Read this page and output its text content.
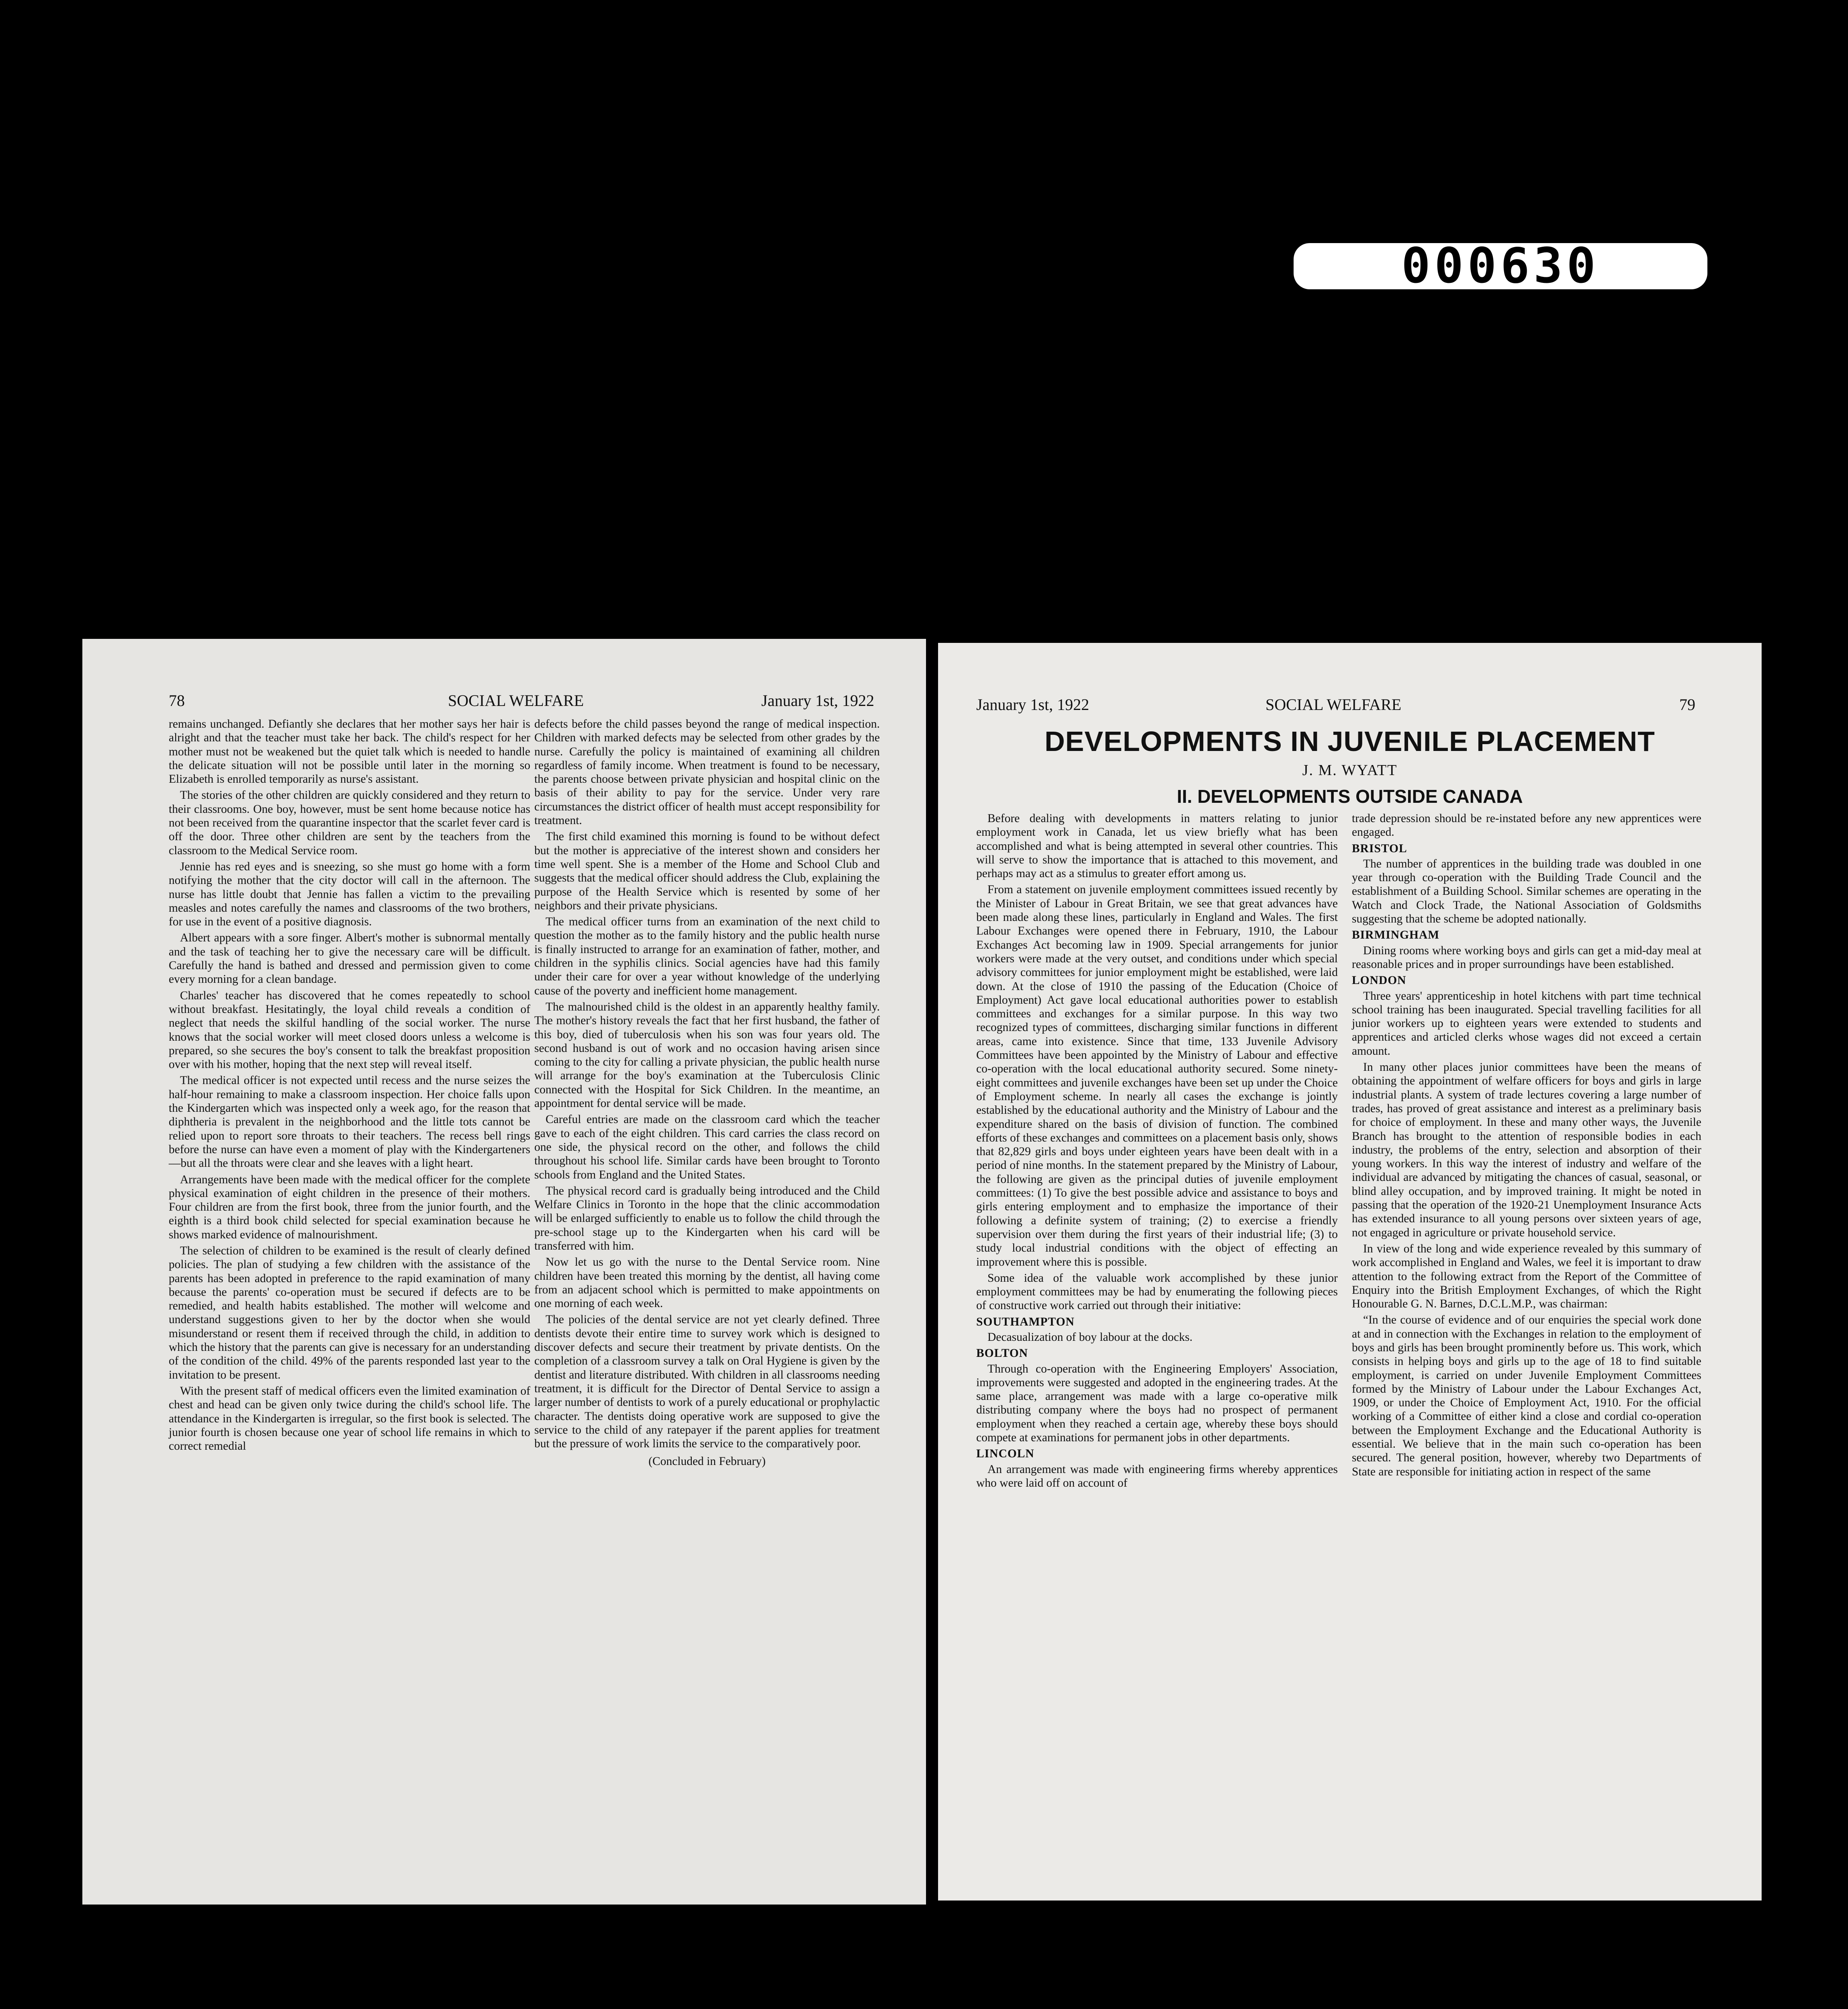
000630
78	SOCIAL WELFARE	January 1st, 1922

remains unchanged. Defiantly she declares that her mother says her hair is alright and that the teacher must take her back. The child's respect for her mother must not be weakened but the quiet talk which is needed to handle the delicate situation will not be possible until later in the morning so Elizabeth is enrolled temporarily as nurse's assistant.

The stories of the other children are quickly considered and they return to their classrooms. One boy, however, must be sent home because notice has not been received from the quarantine inspector that the scarlet fever card is off the door. Three other children are sent by the teachers from the classroom to the Medical Service room.

Jennie has red eyes and is sneezing, so she must go home with a form notifying the mother that the city doctor will call in the afternoon. The nurse has little doubt that Jennie has fallen a victim to the prevailing measles and notes carefully the names and classrooms of the two brothers, for use in the event of a positive diagnosis.

Albert appears with a sore finger. Albert's mother is subnormal mentally and the task of teaching her to give the necessary care will be difficult. Carefully the hand is bathed and dressed and permission given to come every morning for a clean bandage.

Charles' teacher has discovered that he comes repeatedly to school without breakfast. Hesitatingly, the loyal child reveals a condition of neglect that needs the skilful handling of the social worker. The nurse knows that the social worker will meet closed doors unless a welcome is prepared, so she secures the boy's consent to talk the breakfast proposition over with his mother, hoping that the next step will reveal itself.

The medical officer is not expected until recess and the nurse seizes the half-hour remaining to make a classroom inspection. Her choice falls upon the Kindergarten which was inspected only a week ago, for the reason that diphtheria is prevalent in the neighborhood and the little tots cannot be relied upon to report sore throats to their teachers. The recess bell rings before the nurse can have even a moment of play with the Kindergarteners—but all the throats were clear and she leaves with a light heart.

Arrangements have been made with the medical officer for the complete physical examination of eight children in the presence of their mothers. Four children are from the first book, three from the junior fourth, and the eighth is a third book child selected for special examination because he shows marked evidence of malnourishment.

The selection of children to be examined is the result of clearly defined policies. The plan of studying a few children with the assistance of the parents has been adopted in preference to the rapid examination of many because the parents' co-operation must be secured if defects are to be remedied, and health habits established. The mother will welcome and understand suggestions given to her by the doctor when she would misunderstand or resent them if received through the child, in addition to which the history that the parents can give is necessary for an understanding of the condition of the child. 49% of the parents responded last year to the invitation to be present.

With the present staff of medical officers even the limited examination of chest and head can be given only twice during the child's school life. The attendance in the Kindergarten is irregular, so the first book is selected. The junior fourth is chosen because one year of school life remains in which to correct remedial

defects before the child passes beyond the range of medical inspection. Children with marked defects may be selected from other grades by the nurse. Carefully the policy is maintained of examining all children regardless of family income. When treatment is found to be necessary, the parents choose between private physician and hospital clinic on the basis of their ability to pay for the service. Under very rare circumstances the district officer of health must accept responsibility for treatment.

The first child examined this morning is found to be without defect but the mother is appreciative of the interest shown and considers her time well spent. She is a member of the Home and School Club and suggests that the medical officer should address the Club, explaining the purpose of the Health Service which is resented by some of her neighbors and their private physicians.

The medical officer turns from an examination of the next child to question the mother as to the family history and the public health nurse is finally instructed to arrange for an examination of father, mother, and children in the syphilis clinics. Social agencies have had this family under their care for over a year without knowledge of the underlying cause of the poverty and inefficient home management.

The malnourished child is the oldest in an apparently healthy family. The mother's history reveals the fact that her first husband, the father of this boy, died of tuberculosis when his son was four years old. The second husband is out of work and no occasion having arisen since coming to the city for calling a private physician, the public health nurse will arrange for the boy's examination at the Tuberculosis Clinic connected with the Hospital for Sick Children. In the meantime, an appointment for dental service will be made.

Careful entries are made on the classroom card which the teacher gave to each of the eight children. This card carries the class record on one side, the physical record on the other, and follows the child throughout his school life. Similar cards have been brought to Toronto schools from England and the United States.

The physical record card is gradually being introduced and the Child Welfare Clinics in Toronto in the hope that the clinic accommodation will be enlarged sufficiently to enable us to follow the child through the pre-school stage up to the Kindergarten when his card will be transferred with him.

Now let us go with the nurse to the Dental Service room. Nine children have been treated this morning by the dentist, all having come from an adjacent school which is permitted to make appointments on one morning of each week.

The policies of the dental service are not yet clearly defined. Three dentists devote their entire time to survey work which is designed to discover defects and secure their treatment by private dentists. On the completion of a classroom survey a talk on Oral Hygiene is given by the dentist and literature distributed. With children in all classrooms needing treatment, it is difficult for the Director of Dental Service to assign a larger number of dentists to work of a purely educational or prophylactic character. The dentists doing operative work are supposed to give the service to the child of any ratepayer if the parent applies for treatment but the pressure of work limits the service to the comparatively poor.

(Concluded in February)

January 1st, 1922	SOCIAL WELFARE	79
DEVELOPMENTS IN JUVENILE PLACEMENT
J. M. WYATT
II. DEVELOPMENTS OUTSIDE CANADA

Before dealing with developments in matters relating to junior employment work in Canada, let us view briefly what has been accomplished and what is being attempted in several other countries. This will serve to show the importance that is attached to this movement, and perhaps may act as a stimulus to greater effort among us.

From a statement on juvenile employment committees issued recently by the Minister of Labour in Great Britain, we see that great advances have been made along these lines, particularly in England and Wales. The first Labour Exchanges were opened there in February, 1910, the Labour Exchanges Act becoming law in 1909. Special arrangements for junior workers were made at the very outset, and conditions under which special advisory committees for junior employment might be established, were laid down. At the close of 1910 the passing of the Education (Choice of Employment) Act gave local educational authorities power to establish committees and exchanges for a similar purpose. In this way two recognized types of committees, discharging similar functions in different areas, came into existence. Since that time, 133 Juvenile Advisory Committees have been appointed by the Ministry of Labour and effective co-operation with the local educational authority secured. Some ninety-eight committees and juvenile exchanges have been set up under the Choice of Employment scheme. In nearly all cases the exchange is jointly established by the educational authority and the Ministry of Labour and the expenditure shared on the basis of division of function. The combined efforts of these exchanges and committees on a placement basis only, shows that 82,829 girls and boys under eighteen years have been dealt with in a period of nine months. In the statement prepared by the Ministry of Labour, the following are given as the principal duties of juvenile employment committees: (1) To give the best possible advice and assistance to boys and girls entering employment and to emphasize the importance of their following a definite system of training; (2) to exercise a friendly supervision over them during the first years of their industrial life; (3) to study local industrial conditions with the object of effecting an improvement where this is possible.

Some idea of the valuable work accomplished by these junior employment committees may be had by enumerating the following pieces of constructive work carried out through their initiative:

SOUTHAMPTON

Decasualization of boy labour at the docks.

BOLTON

Through co-operation with the Engineering Employers' Association, improvements were suggested and adopted in the engineering trades. At the same place, arrangement was made with a large co-operative milk distributing company where the boys had no prospect of permanent employment when they reached a certain age, whereby these boys should compete at examinations for permanent jobs in other departments.

LINCOLN

An arrangement was made with engineering firms whereby apprentices who were laid off on account of

trade depression should be re-instated before any new apprentices were engaged.

BRISTOL

The number of apprentices in the building trade was doubled in one year through co-operation with the Building Trade Council and the establishment of a Building School. Similar schemes are operating in the Watch and Clock Trade, the National Association of Goldsmiths suggesting that the scheme be adopted nationally.

BIRMINGHAM

Dining rooms where working boys and girls can get a mid-day meal at reasonable prices and in proper surroundings have been established.

LONDON

Three years' apprenticeship in hotel kitchens with part time technical school training has been inaugurated. Special travelling facilities for all junior workers up to eighteen years were extended to students and apprentices and articled clerks whose wages did not exceed a certain amount.

In many other places junior committees have been the means of obtaining the appointment of welfare officers for boys and girls in large industrial plants. A system of trade lectures covering a large number of trades, has proved of great assistance and interest as a preliminary basis for choice of employment. In these and many other ways, the Juvenile Branch has brought to the attention of responsible bodies in each industry, the problems of the entry, selection and absorption of their young workers. In this way the interest of industry and welfare of the individual are advanced by mitigating the chances of casual, seasonal, or blind alley occupation, and by improved training. It might be noted in passing that the operation of the 1920-21 Unemployment Insurance Acts has extended insurance to all young persons over sixteen years of age, not engaged in agriculture or private household service.

In view of the long and wide experience revealed by this summary of work accomplished in England and Wales, we feel it is important to draw attention to the following extract from the Report of the Committee of Enquiry into the British Employment Exchanges, of which the Right Honourable G. N. Barnes, D.C.L.M.P., was chairman:

“In the course of evidence and of our enquiries the special work done at and in connection with the Exchanges in relation to the employment of boys and girls has been brought prominently before us. This work, which consists in helping boys and girls up to the age of 18 to find suitable employment, is carried on under Juvenile Employment Committees formed by the Ministry of Labour under the Labour Exchanges Act, 1909, or under the Choice of Employment Act, 1910. For the official working of a Committee of either kind a close and cordial co-operation between the Employment Exchange and the Educational Authority is essential. We believe that in the main such co-operation has been secured. The general position, however, whereby two Departments of State are responsible for initiating action in respect of the same
